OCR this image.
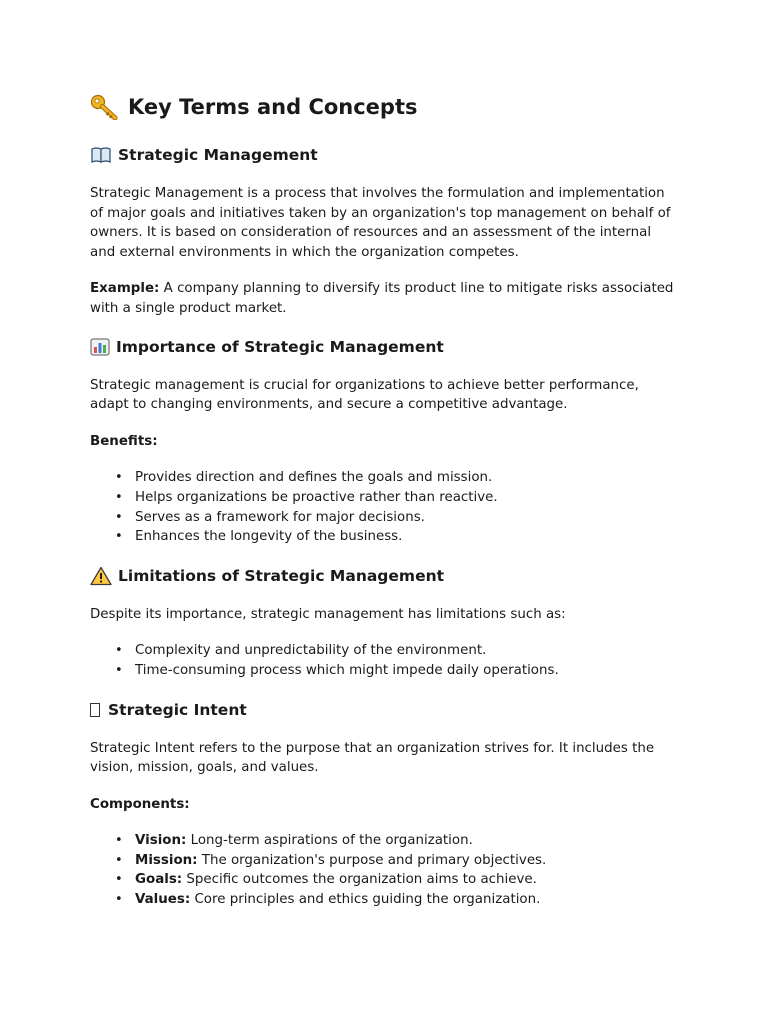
Key Terms and Concepts
Strategic Management

Strategic Management is a process that involves the formulation and implementation of major goals and initiatives taken by an organization's top management on behalf of owners. It is based on consideration of resources and an assessment of the internal and external environments in which the organization competes.

Example: A company planning to diversify its product line to mitigate risks associated with a single product market.

Importance of Strategic Management

Strategic management is crucial for organizations to achieve better performance, adapt to changing environments, and secure a competitive advantage.

Benefits:

• Provides direction and defines the goals and mission.
• Helps organizations be proactive rather than reactive.
• Serves as a framework for major decisions.
• Enhances the longevity of the business.
Limitations of Strategic Management

Despite its importance, strategic management has limitations such as:

• Complexity and unpredictability of the environment.
• Time-consuming process which might impede daily operations.
Strategic Intent

Strategic Intent refers to the purpose that an organization strives for. It includes the vision, mission, goals, and values.

Components:

• Vision: Long-term aspirations of the organization.
• Mission: The organization's purpose and primary objectives.
• Goals: Specific outcomes the organization aims to achieve.
• Values: Core principles and ethics guiding the organization.
